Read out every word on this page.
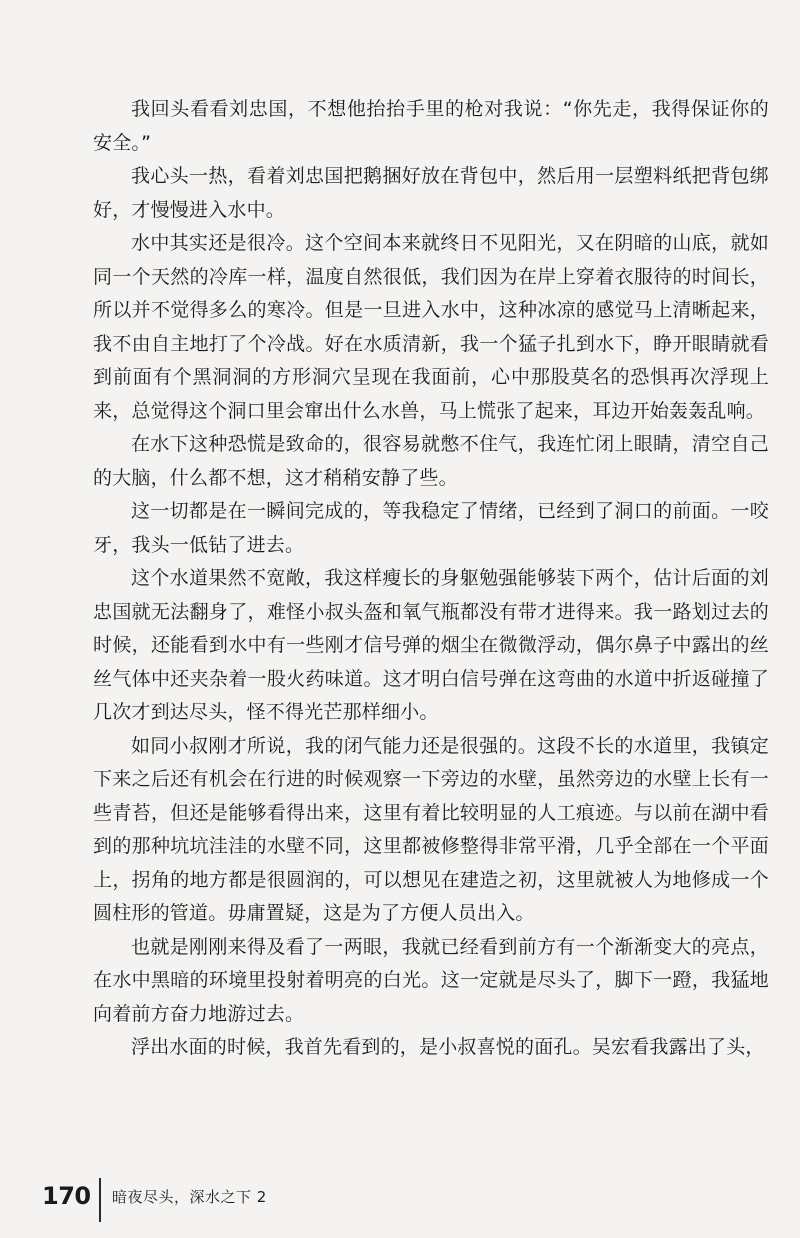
我回头看看刘忠国，不想他抬抬手里的枪对我说：“你先走，我得保证你的安全。”

我心头一热，看着刘忠国把鹅捆好放在背包中，然后用一层塑料纸把背包绑好，才慢慢进入水中。

水中其实还是很冷。这个空间本来就终日不见阳光，又在阴暗的山底，就如同一个天然的冷库一样，温度自然很低，我们因为在岸上穿着衣服待的时间长，所以并不觉得多么的寒冷。但是一旦进入水中，这种冰凉的感觉马上清晰起来，我不由自主地打了个冷战。好在水质清新，我一个猛子扎到水下，睁开眼睛就看到前面有个黑洞洞的方形洞穴呈现在我面前，心中那股莫名的恐惧再次浮现上来，总觉得这个洞口里会窜出什么水兽，马上慌张了起来，耳边开始轰轰乱响。

在水下这种恐慌是致命的，很容易就憋不住气，我连忙闭上眼睛，清空自己的大脑，什么都不想，这才稍稍安静了些。

这一切都是在一瞬间完成的，等我稳定了情绪，已经到了洞口的前面。一咬牙，我头一低钻了进去。

这个水道果然不宽敞，我这样瘦长的身躯勉强能够装下两个，估计后面的刘忠国就无法翻身了，难怪小叔头盔和氧气瓶都没有带才进得来。我一路划过去的时候，还能看到水中有一些刚才信号弹的烟尘在微微浮动，偶尔鼻子中露出的丝丝气体中还夹杂着一股火药味道。这才明白信号弹在这弯曲的水道中折返碰撞了几次才到达尽头，怪不得光芒那样细小。

如同小叔刚才所说，我的闭气能力还是很强的。这段不长的水道里，我镇定下来之后还有机会在行进的时候观察一下旁边的水壁，虽然旁边的水壁上长有一些青苔，但还是能够看得出来，这里有着比较明显的人工痕迹。与以前在湖中看到的那种坑坑洼洼的水壁不同，这里都被修整得非常平滑，几乎全部在一个平面上，拐角的地方都是很圆润的，可以想见在建造之初，这里就被人为地修成一个圆柱形的管道。毋庸置疑，这是为了方便人员出入。

也就是刚刚来得及看了一两眼，我就已经看到前方有一个渐渐变大的亮点，在水中黑暗的环境里投射着明亮的白光。这一定就是尽头了，脚下一蹬，我猛地向着前方奋力地游过去。

浮出水面的时候，我首先看到的，是小叔喜悦的面孔。吴宏看我露出了头，

170 暗夜尽头，深水之下 2
